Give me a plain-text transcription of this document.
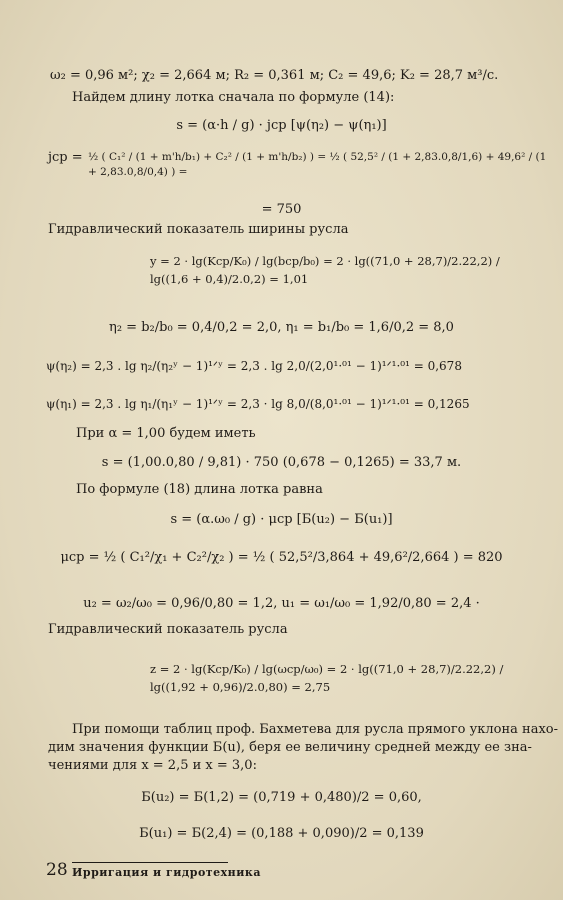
ω₂ = 0,96 м²; χ₂ = 2,664 м; R₂ = 0,361 м; C₂ = 49,6; K₂ = 28,7 м³/с.
Найдем длину лотка сначала по формуле (14):
s = (α·h / g) · jср [ψ(η₂) − ψ(η₁)]
jср = ½ ( C₁² / (1 + m'h/b₁) + C₂² / (1 + m'h/b₂) ) = ½ ( 52,5² / (1 + 2,83.0,8/1,6) + 49,6² / (1 + 2,83.0,8/0,4) ) =
= 750
Гидравлический показатель ширины русла
y = 2 · lg(Kср/K₀) / lg(bср/b₀) = 2 · lg((71,0 + 28,7)/2.22,2) / lg((1,6 + 0,4)/2.0,2) = 1,01
η₂ = b₂/b₀ = 0,4/0,2 = 2,0, η₁ = b₁/b₀ = 1,6/0,2 = 8,0
ψ(η₂) = 2,3 . lg η₂/(η₂ʸ − 1)¹ᐟʸ = 2,3 . lg 2,0/(2,0¹·⁰¹ − 1)¹ᐟ¹·⁰¹ = 0,678
ψ(η₁) = 2,3 . lg η₁/(η₁ʸ − 1)¹ᐟʸ = 2,3 · lg 8,0/(8,0¹·⁰¹ − 1)¹ᐟ¹·⁰¹ = 0,1265
При α = 1,00 будем иметь
s = (1,00.0,80 / 9,81) · 750 (0,678 − 0,1265) = 33,7 м.
По формуле (18) длина лотка равна
s = (α.ω₀ / g) · μср [Б(u₂) − Б(u₁)]
μср = ½ ( C₁²/χ₁ + C₂²/χ₂ ) = ½ ( 52,5²/3,864 + 49,6²/2,664 ) = 820
u₂ = ω₂/ω₀ = 0,96/0,80 = 1,2, u₁ = ω₁/ω₀ = 1,92/0,80 = 2,4 ·
Гидравлический показатель русла
z = 2 · lg(Kср/K₀) / lg(ωср/ω₀) = 2 · lg((71,0 + 28,7)/2.22,2) / lg((1,92 + 0,96)/2.0,80) = 2,75
При помощи таблиц проф. Бахметева для русла прямого уклона нахо-
дим значения функции Б(u), беря ее величину средней между ее зна-
чениями для x = 2,5 и x = 3,0:
Б(u₂) = Б(1,2) = (0,719 + 0,480)/2 = 0,60,
Б(u₁) = Б(2,4) = (0,188 + 0,090)/2 = 0,139
28 Ирригация и гидротехника
